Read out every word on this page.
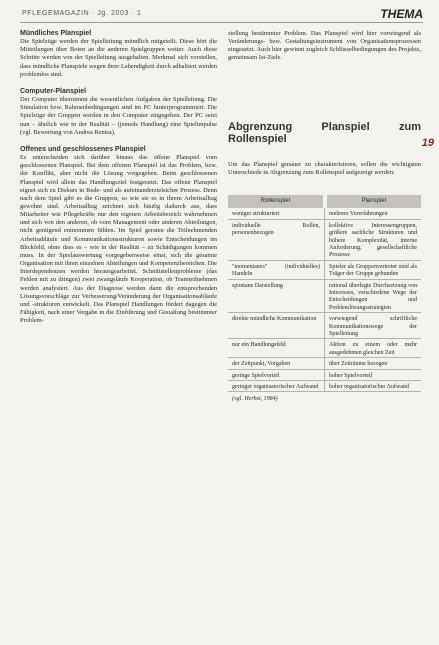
PFLEGEMAGAZIN · Jg. 2003 · 1	THEMA
19
Mündliches Planspiel

Die Spielzüge werden der Spielleitung mündlich mitgeteilt. Diese hört die Mitteilungen über Boten an die anderen Spielgruppen weiter. Auch diese Schritte werden von der Spielleitung ausgehalten. Merkmal sich vorstellen, dass mündliche Planspiele wegen ihrer Lebendigkeit durch adhaltiert werden problemlos sind.

Computer-Planspiel

Der Computer übernimmt die wesentlichen Aufgaben der Spielleitung. Die Simulation bzw. Rahmenbedingungen sind im PC hinterprogrammiert. Die Spielzüge der Gruppen werden in den Computer eingegeben. Der PC setzt nun – ähnlich wie in der Realität – (jemeds Handlung) eine Spielimpulse (vgl. Bewertung von Andrea Rentsa).

Offenes und geschlossenes Planspiel

Es unterscheiden sich darüber hinaus das offene Planspiel vom geschlossenen Planspiel. Bei dem offenen Planspiel ist das Problem, bzw. der Konflikt, aber nicht die Lösung vorgegeben. Beim geschlossenen Planspiel wird allein das Handlungsziel festgesetzt. Das offene Planspiel eignet sich zu Diskurs in Rede- und als aufeinanderzielsicher Prozess. Denn nach dem Spiel gibt es die Gruppen, so wie sie es in ihrem Arbeitsalltag gewohnt sind. Arbeitsalltag zeichnet sich häufig dadurch aus, dass Mitarbeiter wie Pflegekräfte nur den eigenen Arbeitsbereich wahrnehmen und sich von den anderen, ob vom Management oder anderen Abteilungen, nicht genügend entnommen fühlen. Im Spiel geraten die Teilnehmenden Arbeitsabläufe und Kommunikationsstrukturen sowie Entscheidungen im Blickfeld, ohne dass es – wie in der Realität – zu Schädigungen kommen muss. In der Spielauswertung vorgegebenweise einst, sich die gesamte Organisation mit ihren einzelnen Abteilungen und Kompetenzbereichen. Die Interdependenzen werden herausgearbeitet. Schnittstellenprobleme (das Fehlen mit zu dringen) zwei zwangsläufe Kooperation, ob Teamteilnehmen werden analysiert. Aus der Diagnose werden dann die entsprechenden Lösungsvorschläge zur Verbesserung/Veränderung der Organisationsabläufe und -strukturen entwickelt. Das Planspiel Handlungen fördert dagegen die Fähigkeit, nach einer Vorgabe in die Einführung und Gestaltung bestimmter Problem-

stellung bestimmter Problem. Das Planspiel wird hier vorwiegend als Veränderungs- bzw. Gestaltungsinstrument von Organisationsprozessen eingesetzt. Auch hier gewinnt zugleich Schlüsselbedingungen des Projekts, gemeinsam Ist-Ziele.

Abgrenzung Planspiel zum Rollenspiel

Um das Planspiel genauer zu charakterisieren, sollen die wichtigsten Unterschiede in Abgrenzung zum Rollenspiel aufgezeigt werden:

Rollenspiel	Planspiel
weniger strukturiert	mehrere Vorerfahrungen
individuelle Rollen, personenbezogen	kollektive Interessengruppen, größere sachliche Strukturen und höhere Komplexität, interne Anforderung, gesellschaftliche Prozesse
"momentanes" (individuelles) Handeln	Spieler als Gruppenvertreter sind als Träger der Gruppe gebunden
spontane Darstellung	rational überlegte Durchsetzung von Interessen, verschiedene Wege der Entscheidungen und Problemlösungsstrategien
direkte mündliche Kommunikation	vorwiegend schriftliche Kommunikationswege der Spielleitung
nur ein Handlungsfeld	Aktion zu einem oder mehr ausgedehnten gleichen Zeit
der Zeitpunkt, Vorgaben	über Zeiträume bezogen
geringe Spielvorteil	hoher Spielvorteil
geringer organisatorischer Aufwand	hoher organisatorischer Aufwand
(vgl. Herbst, 1984)
